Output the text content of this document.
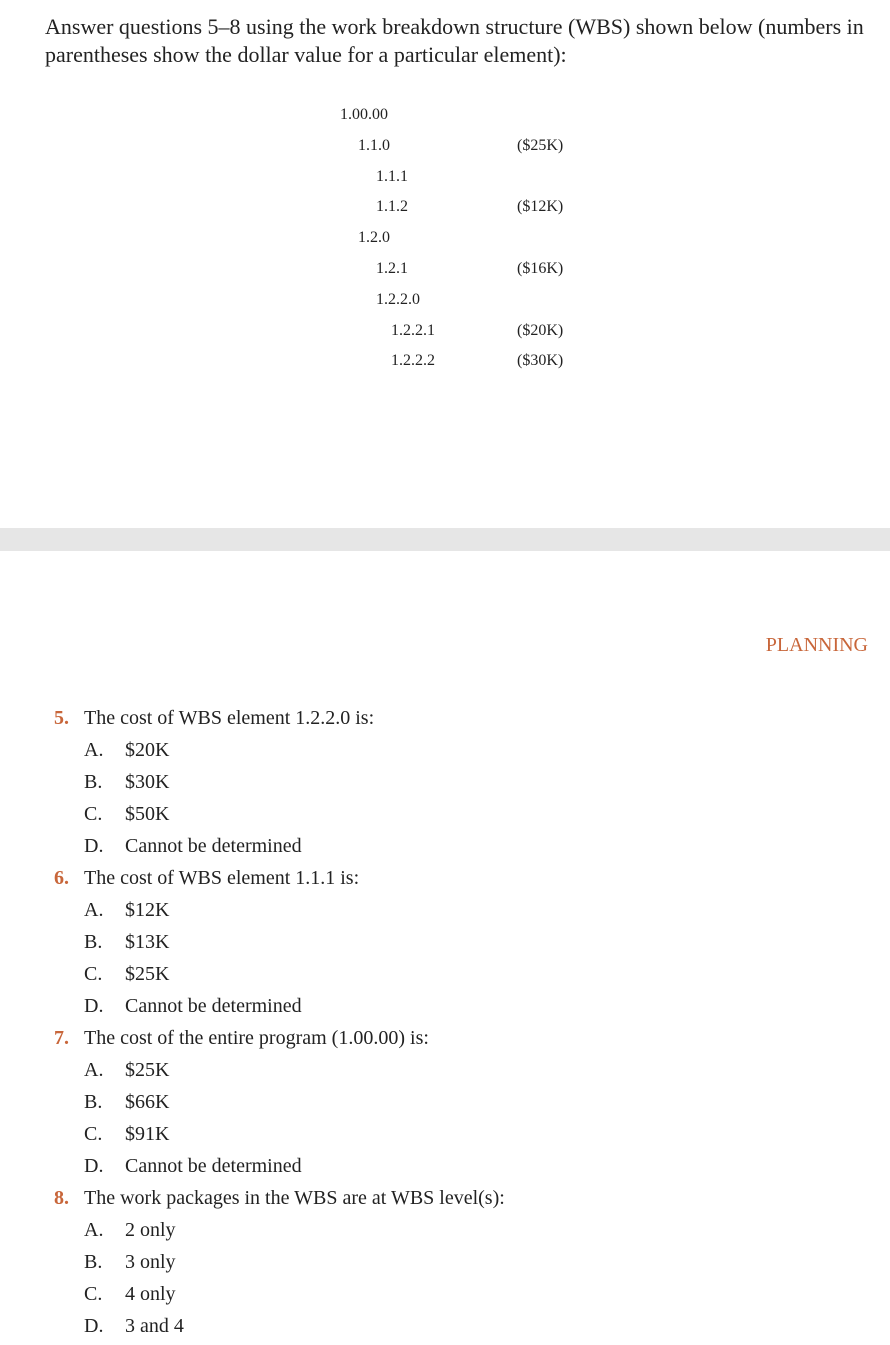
Answer questions 5–8 using the work breakdown structure (WBS) shown below (numbers in parentheses show the dollar value for a particular element):

1.00.00
1.1.0	($25K)
1.1.1
1.1.2	($12K)
1.2.0
1.2.1	($16K)
1.2.2.0
1.2.2.1	($20K)
1.2.2.2	($30K)
PLANNING
5. The cost of WBS element 1.2.2.0 is:
A. $20K
B. $30K
C. $50K
D. Cannot be determined
6. The cost of WBS element 1.1.1 is:
A. $12K
B. $13K
C. $25K
D. Cannot be determined
7. The cost of the entire program (1.00.00) is:
A. $25K
B. $66K
C. $91K
D. Cannot be determined
8. The work packages in the WBS are at WBS level(s):
A. 2 only
B. 3 only
C. 4 only
D. 3 and 4
